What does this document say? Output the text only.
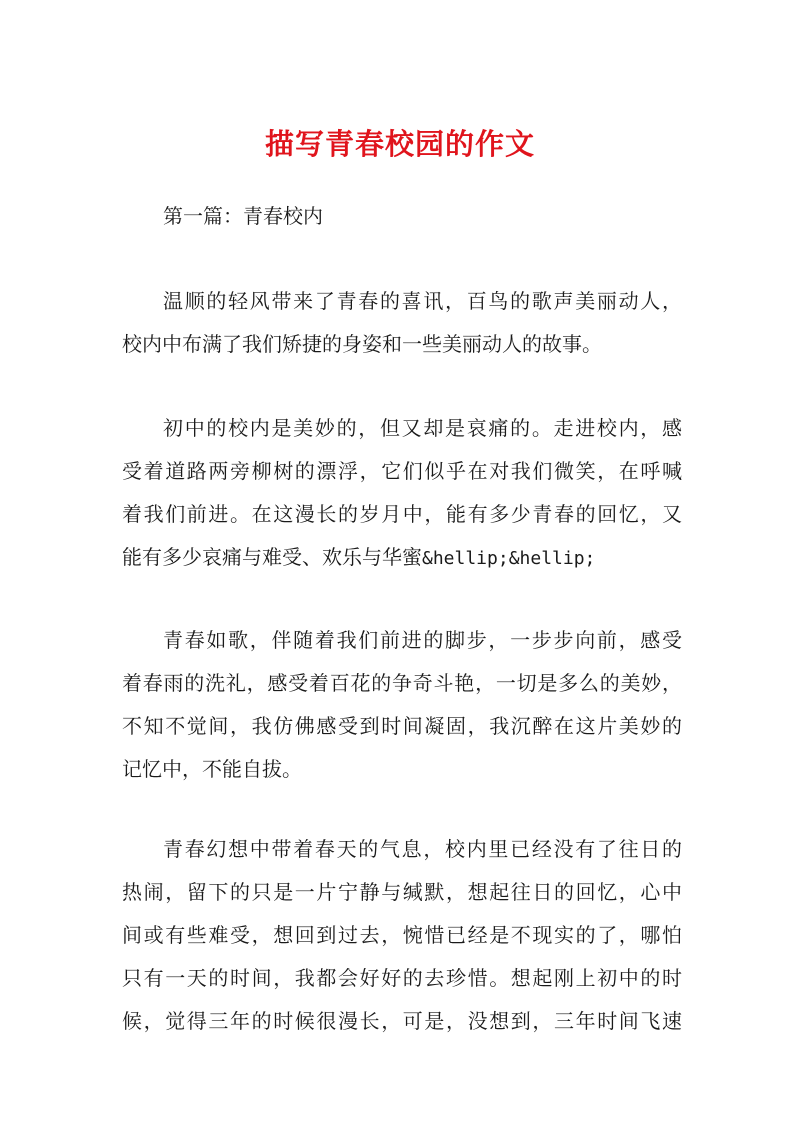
描写青春校园的作文
第一篇：青春校内
温顺的轻风带来了青春的喜讯，百鸟的歌声美丽动人，
校内中布满了我们矫捷的身姿和一些美丽动人的故事。
初中的校内是美妙的，但又却是哀痛的。走进校内，感
受着道路两旁柳树的漂浮，它们似乎在对我们微笑，在呼喊
着我们前进。在这漫长的岁月中，能有多少青春的回忆，又
能有多少哀痛与难受、欢乐与华蜜&hellip;&hellip;
青春如歌，伴随着我们前进的脚步，一步步向前，感受
着春雨的洗礼，感受着百花的争奇斗艳，一切是多么的美妙，
不知不觉间，我仿佛感受到时间凝固，我沉醉在这片美妙的
记忆中，不能自拔。
青春幻想中带着春天的气息，校内里已经没有了往日的
热闹，留下的只是一片宁静与缄默，想起往日的回忆，心中
间或有些难受，想回到过去，惋惜已经是不现实的了，哪怕
只有一天的时间，我都会好好的去珍惜。想起刚上初中的时
候，觉得三年的时候很漫长，可是，没想到，三年时间飞速
